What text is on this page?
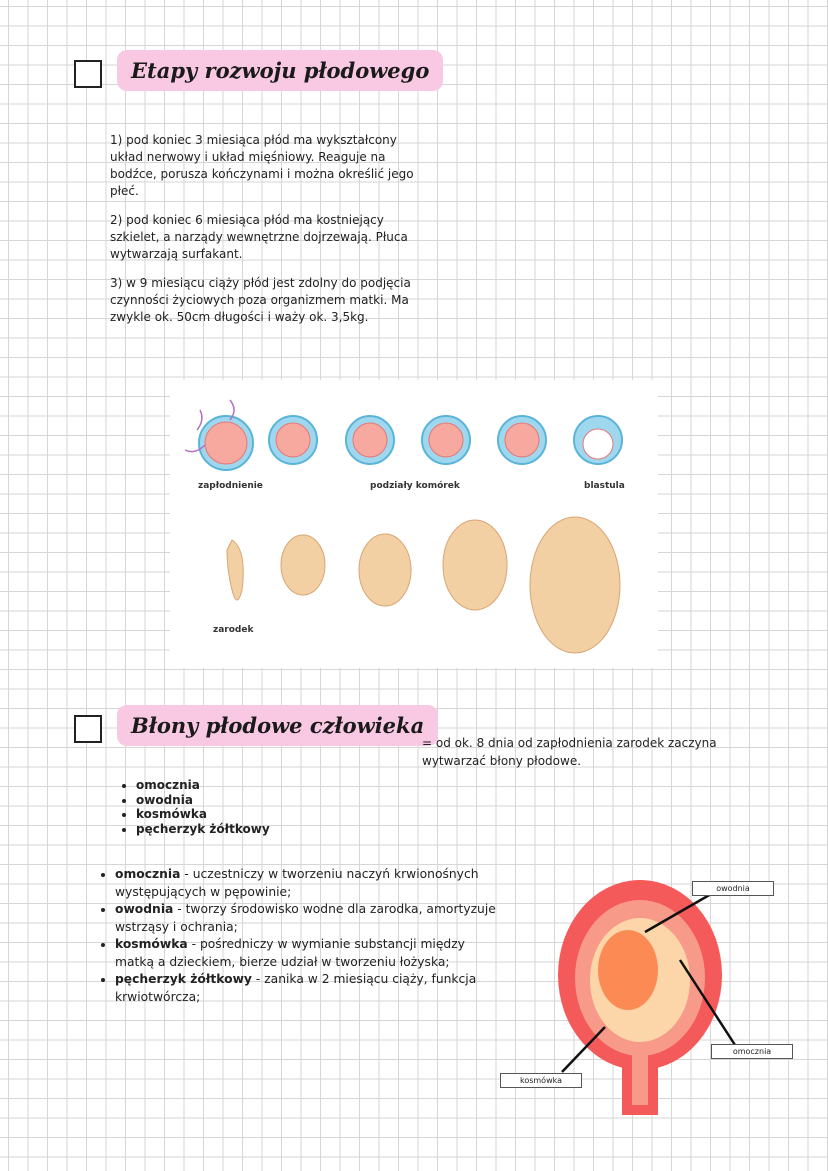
Etapy rozwoju płodowego

1) pod koniec 3 miesiąca płód ma wykształcony układ nerwowy i układ mięśniowy. Reaguje na bodźce, porusza kończynami i można określić jego płeć.

2) pod koniec 6 miesiąca płód ma kostniejący szkielet, a narządy wewnętrzne dojrzewają. Płuca wytwarzają surfakant.

3) w 9 miesiącu ciąży płód jest zdolny do podjęcia czynności życiowych poza organizmem matki. Ma zwykle ok. 50cm długości i waży ok. 3,5kg.

zapłodnienie	podziały komórek	blastula
zarodek
Błony płodowe człowieka
= od ok. 8 dnia od zapłodnienia zarodek zaczyna wytwarzać błony płodowe.
• omocznia
• owodnia
• kosmówka
• pęcherzyk żółtkowy
• omocznia - uczestniczy w tworzeniu naczyń krwionośnych występujących w pępowinie;
• owodnia - tworzy środowisko wodne dla zarodka, amortyzuje wstrząsy i ochrania;
• kosmówka - pośredniczy w wymianie substancji między matką a dzieckiem, bierze udział w tworzeniu łożyska;
• pęcherzyk żółtkowy - zanika w 2 miesiącu ciąży, funkcja krwiotwórcza;
owodnia
omocznia
kosmówka
